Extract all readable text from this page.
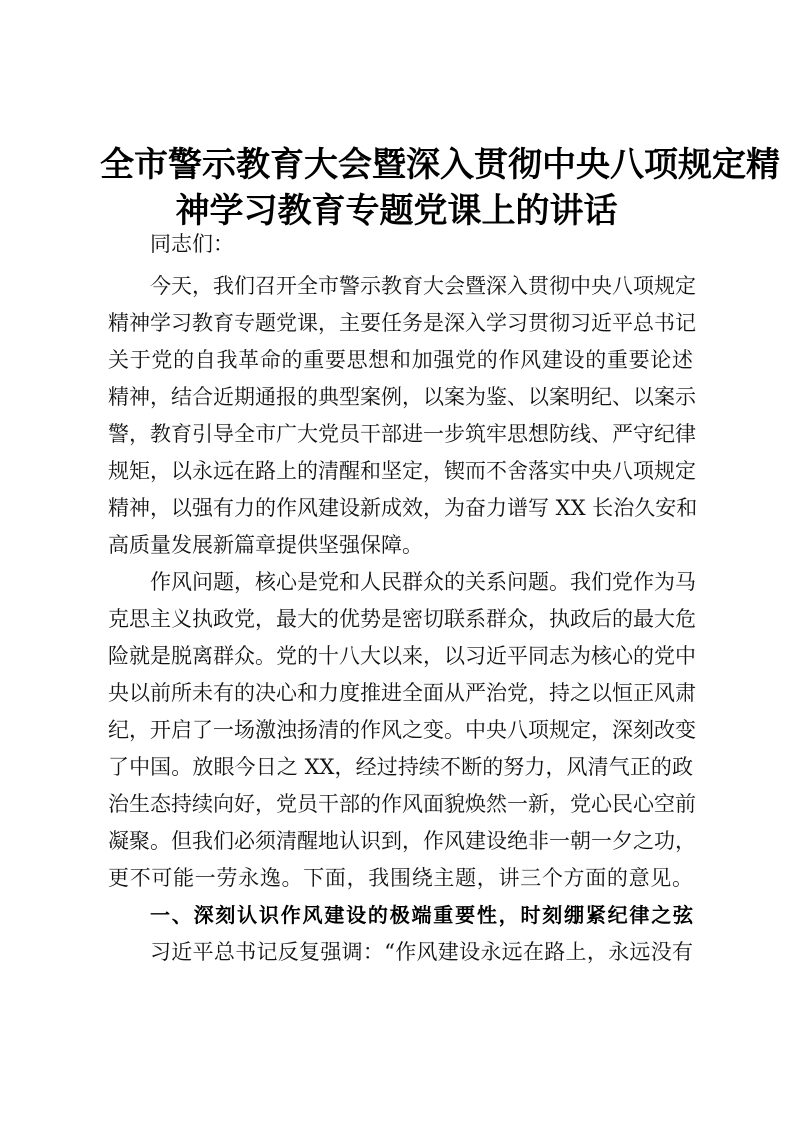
全市警示教育大会暨深入贯彻中央八项规定精
神学习教育专题党课上的讲话
同志们：
今天，我们召开全市警示教育大会暨深入贯彻中央八项规定
精神学习教育专题党课，主要任务是深入学习贯彻习近平总书记
关于党的自我革命的重要思想和加强党的作风建设的重要论述
精神，结合近期通报的典型案例，以案为鉴、以案明纪、以案示
警，教育引导全市广大党员干部进一步筑牢思想防线、严守纪律
规矩，以永远在路上的清醒和坚定，锲而不舍落实中央八项规定
精神，以强有力的作风建设新成效，为奋力谱写 XX 长治久安和
高质量发展新篇章提供坚强保障。
作风问题，核心是党和人民群众的关系问题。我们党作为马
克思主义执政党，最大的优势是密切联系群众，执政后的最大危
险就是脱离群众。党的十八大以来，以习近平同志为核心的党中
央以前所未有的决心和力度推进全面从严治党，持之以恒正风肃
纪，开启了一场激浊扬清的作风之变。中央八项规定，深刻改变
了中国。放眼今日之 XX，经过持续不断的努力，风清气正的政
治生态持续向好，党员干部的作风面貌焕然一新，党心民心空前
凝聚。但我们必须清醒地认识到，作风建设绝非一朝一夕之功，
更不可能一劳永逸。下面，我围绕主题，讲三个方面的意见。
一、深刻认识作风建设的极端重要性，时刻绷紧纪律之弦
习近平总书记反复强调：“作风建设永远在路上，永远没有
